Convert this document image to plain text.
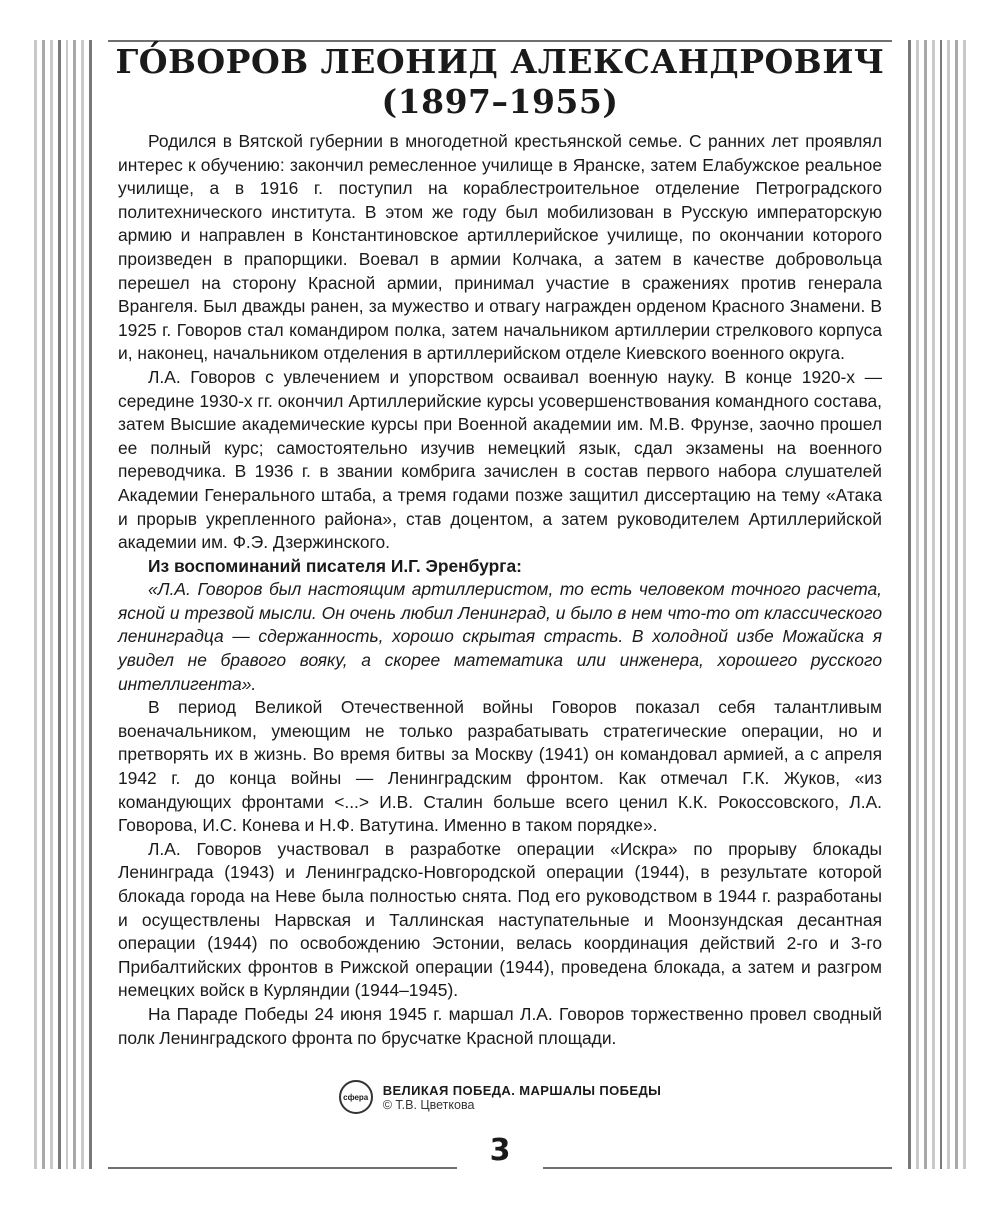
ГО́ВОРОВ ЛЕОНИД АЛЕКСАНДРОВИЧ
(1897–1955)

Родился в Вятской губернии в многодетной крестьянской семье. С ранних лет проявлял интерес к обучению: закончил ремесленное училище в Яранске, затем Елабужское реальное училище, а в 1916 г. поступил на кораблестроительное отделение Петроградского политехнического института. В этом же году был мобилизован в Русскую императорскую армию и направлен в Константиновское артиллерийское училище, по окончании которого произведен в прапорщики. Воевал в армии Колчака, а затем в качестве добровольца перешел на сторону Красной армии, принимал участие в сражениях против генерала Врангеля. Был дважды ранен, за мужество и отвагу награжден орденом Красного Знамени. В 1925 г. Говоров стал командиром полка, затем начальником артиллерии стрелкового корпуса и, наконец, начальником отделения в артиллерийском отделе Киевского военного округа.

Л.А. Говоров с увлечением и упорством осваивал военную науку. В конце 1920-х — середине 1930-х гг. окончил Артиллерийские курсы усовершенствования командного состава, затем Высшие академические курсы при Военной академии им. М.В. Фрунзе, заочно прошел ее полный курс; самостоятельно изучив немецкий язык, сдал экзамены на военного переводчика. В 1936 г. в звании комбрига зачислен в состав первого набора слушателей Академии Генерального штаба, а тремя годами позже защитил диссертацию на тему «Атака и прорыв укрепленного района», став доцентом, а затем руководителем Артиллерийской академии им. Ф.Э. Дзержинского.

Из воспоминаний писателя И.Г. Эренбурга:

«Л.А. Говоров был настоящим артиллеристом, то есть человеком точного расчета, ясной и трезвой мысли. Он очень любил Ленинград, и было в нем что-то от классического ленинградца — сдержанность, хорошо скрытая страсть. В холодной избе Можайска я увидел не бравого вояку, а скорее математика или инженера, хорошего русского интеллигента».

В период Великой Отечественной войны Говоров показал себя талантливым военачальником, умеющим не только разрабатывать стратегические операции, но и претворять их в жизнь. Во время битвы за Москву (1941) он командовал армией, а с апреля 1942 г. до конца войны — Ленинградским фронтом. Как отмечал Г.К. Жуков, «из командующих фронтами <...> И.В. Сталин больше всего ценил К.К. Рокоссовского, Л.А. Говорова, И.С. Конева и Н.Ф. Ватутина. Именно в таком порядке».

Л.А. Говоров участвовал в разработке операции «Искра» по прорыву блокады Ленинграда (1943) и Ленинградско-Новгородской операции (1944), в результате которой блокада города на Неве была полностью снята. Под его руководством в 1944 г. разработаны и осуществлены Нарвская и Таллинская наступательные и Моонзундская десантная операции (1944) по освобождению Эстонии, велась координация действий 2-го и 3-го Прибалтийских фронтов в Рижской операции (1944), проведена блокада, а затем и разгром немецких войск в Курляндии (1944–1945).

На Параде Победы 24 июня 1945 г. маршал Л.А. Говоров торжественно провел сводный полк Ленинградского фронта по брусчатке Красной площади.

сфера ВЕЛИКАЯ ПОБЕДА. МАРШАЛЫ ПОБЕДЫ
© Т.В. Цветкова
3
